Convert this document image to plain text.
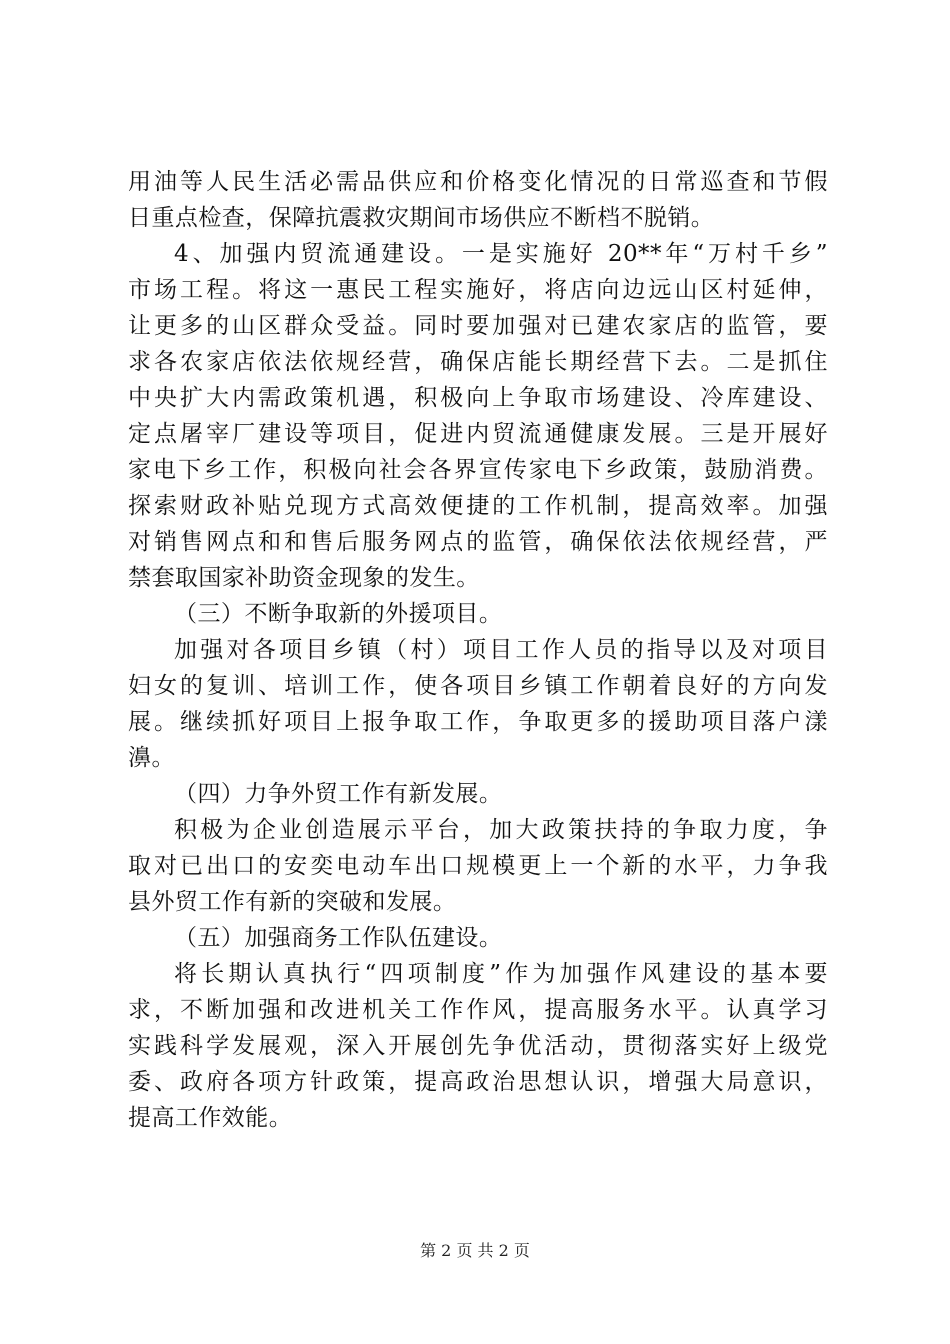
用油等人民生活必需品供应和价格变化情况的日常巡查和节假
日重点检查，保障抗震救灾期间市场供应不断档不脱销。
4、加强内贸流通建设。一是实施好 20**年“万村千乡”
市场工程。将这一惠民工程实施好，将店向边远山区村延伸，
让更多的山区群众受益。同时要加强对已建农家店的监管，要
求各农家店依法依规经营，确保店能长期经营下去。二是抓住
中央扩大内需政策机遇，积极向上争取市场建设、冷库建设、
定点屠宰厂建设等项目，促进内贸流通健康发展。三是开展好
家电下乡工作，积极向社会各界宣传家电下乡政策，鼓励消费。
探索财政补贴兑现方式高效便捷的工作机制，提高效率。加强
对销售网点和和售后服务网点的监管，确保依法依规经营，严
禁套取国家补助资金现象的发生。
（三）不断争取新的外援项目。
加强对各项目乡镇（村）项目工作人员的指导以及对项目
妇女的复训、培训工作，使各项目乡镇工作朝着良好的方向发
展。继续抓好项目上报争取工作，争取更多的援助项目落户漾
濞。
（四）力争外贸工作有新发展。
积极为企业创造展示平台，加大政策扶持的争取力度，争
取对已出口的安奕电动车出口规模更上一个新的水平，力争我
县外贸工作有新的突破和发展。
（五）加强商务工作队伍建设。
将长期认真执行“四项制度”作为加强作风建设的基本要
求，不断加强和改进机关工作作风，提高服务水平。认真学习
实践科学发展观，深入开展创先争优活动，贯彻落实好上级党
委、政府各项方针政策，提高政治思想认识，增强大局意识，
提高工作效能。
第 2 页 共 2 页
